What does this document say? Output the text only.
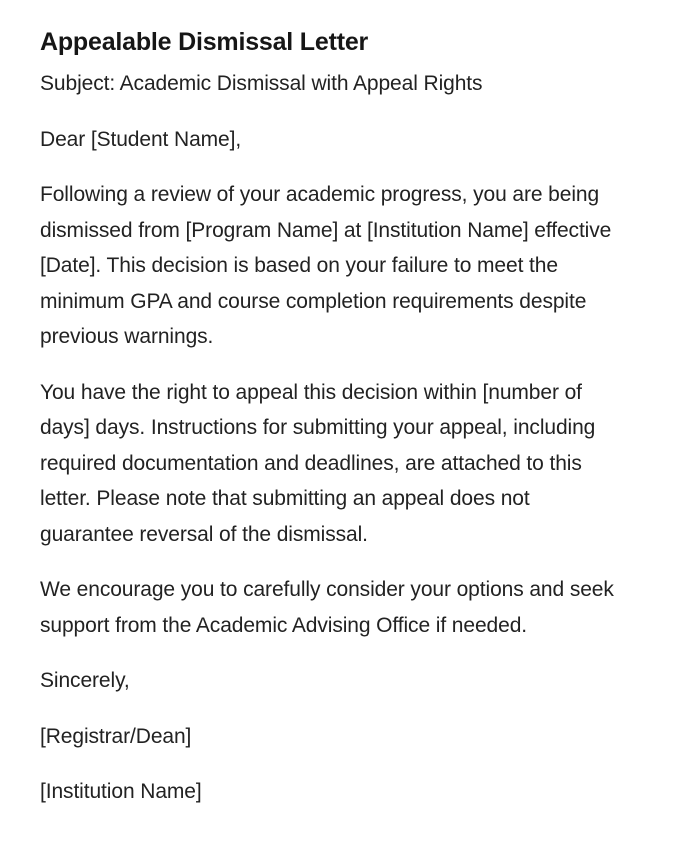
Appealable Dismissal Letter

Subject: Academic Dismissal with Appeal Rights

Dear [Student Name],

Following a review of your academic progress, you are being dismissed from [Program Name] at [Institution Name] effective [Date]. This decision is based on your failure to meet the minimum GPA and course completion requirements despite previous warnings.

You have the right to appeal this decision within [number of days] days. Instructions for submitting your appeal, including required documentation and deadlines, are attached to this letter. Please note that submitting an appeal does not guarantee reversal of the dismissal.

We encourage you to carefully consider your options and seek support from the Academic Advising Office if needed.

Sincerely,

[Registrar/Dean]

[Institution Name]
